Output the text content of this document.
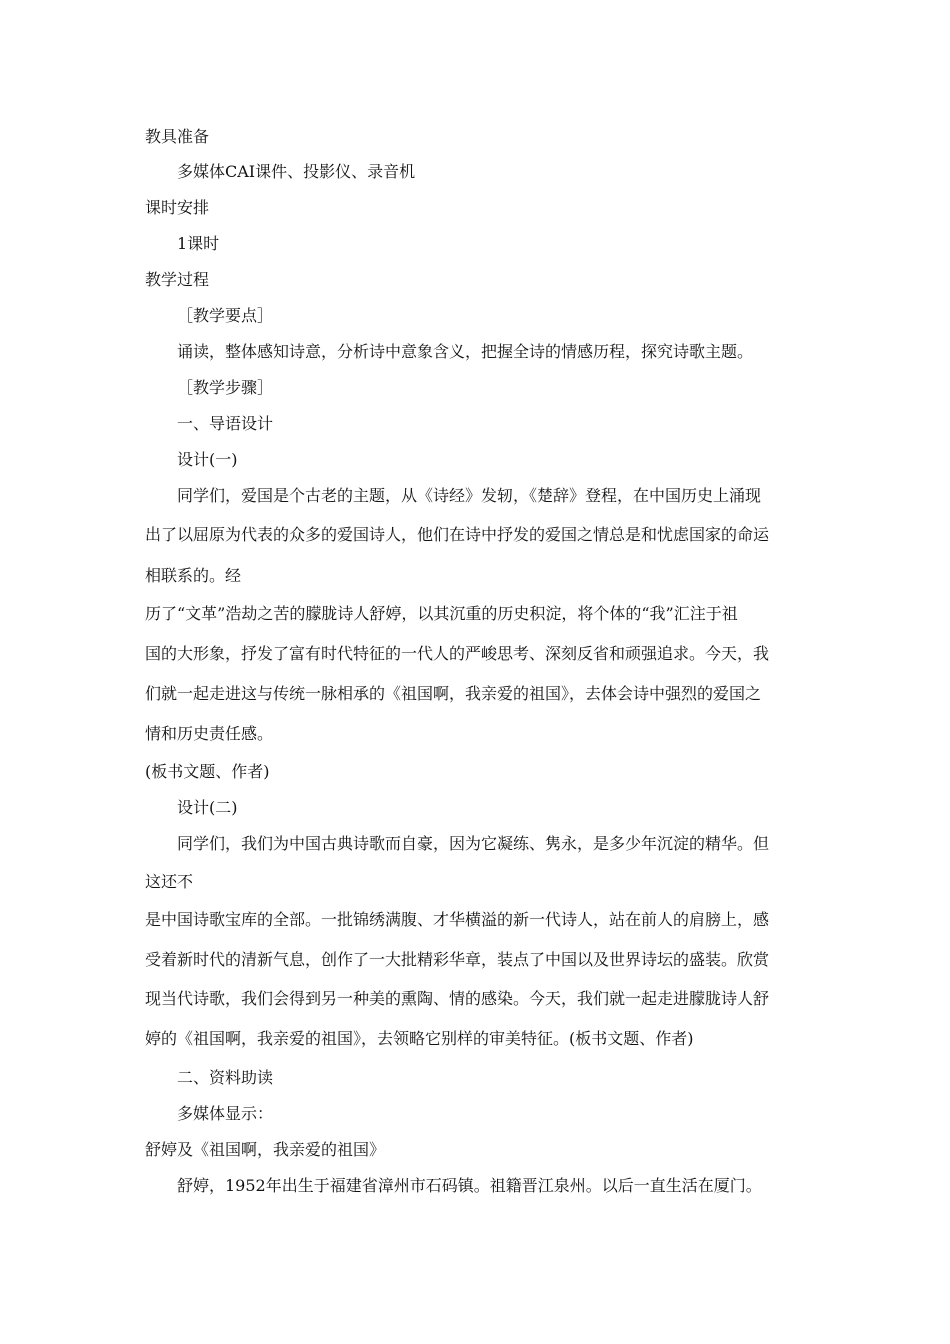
教具准备
多媒体CAI课件、投影仪、录音机
课时安排
1课时
教学过程
［教学要点］
诵读，整体感知诗意，分析诗中意象含义，把握全诗的情感历程，探究诗歌主题。
［教学步骤］
一、导语设计
设计(一)
同学们，爱国是个古老的主题，从《诗经》发轫，《楚辞》登程，在中国历史上涌现
出了以屈原为代表的众多的爱国诗人，他们在诗中抒发的爱国之情总是和忧虑国家的命运
相联系的。经
历了“文革”浩劫之苦的朦胧诗人舒婷，以其沉重的历史积淀，将个体的“我”汇注于祖
国的大形象，抒发了富有时代特征的一代人的严峻思考、深刻反省和顽强追求。今天，我
们就一起走进这与传统一脉相承的《祖国啊，我亲爱的祖国》，去体会诗中强烈的爱国之
情和历史责任感。
(板书文题、作者)
设计(二)
同学们，我们为中国古典诗歌而自豪，因为它凝练、隽永，是多少年沉淀的精华。但
这还不
是中国诗歌宝库的全部。一批锦绣满腹、才华横溢的新一代诗人，站在前人的肩膀上，感
受着新时代的清新气息，创作了一大批精彩华章，装点了中国以及世界诗坛的盛装。欣赏
现当代诗歌，我们会得到另一种美的熏陶、情的感染。今天，我们就一起走进朦胧诗人舒
婷的《祖国啊，我亲爱的祖国》，去领略它别样的审美特征。(板书文题、作者)
二、资料助读
多媒体显示：
舒婷及《祖国啊，我亲爱的祖国》
舒婷，1952年出生于福建省漳州市石码镇。祖籍晋江泉州。以后一直生活在厦门。
